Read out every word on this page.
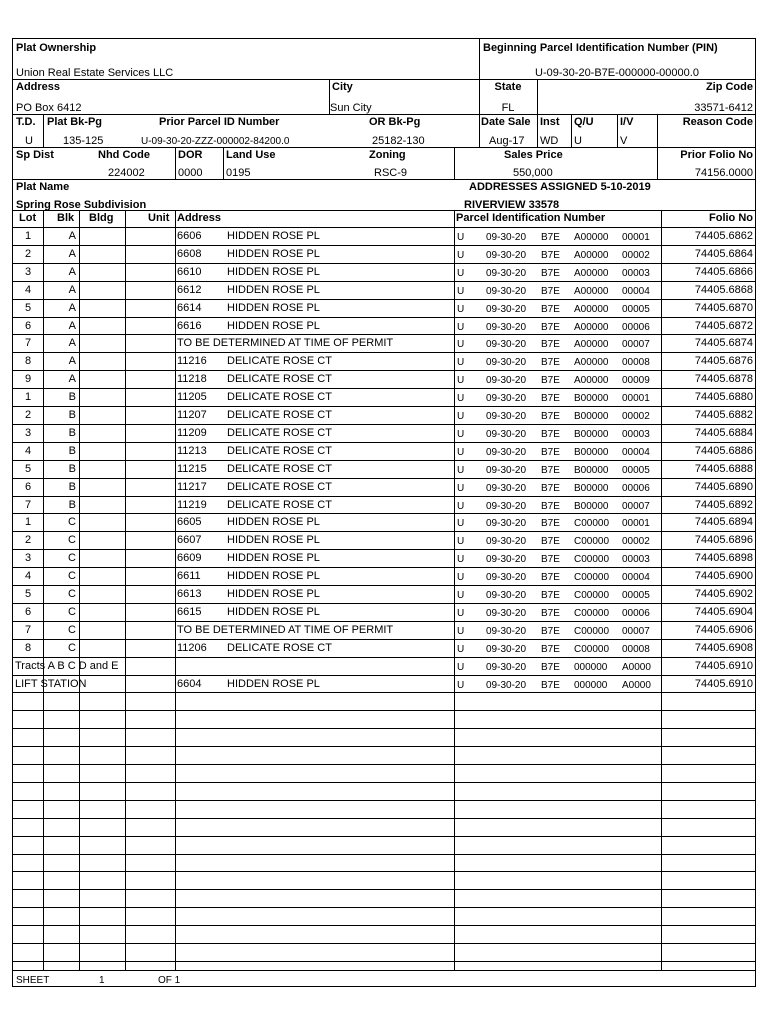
Plat Ownership
Union Real Estate Services LLC
Beginning Parcel Identification Number (PIN)
U-09-30-20-B7E-000000-00000.0
Address	City	State	Zip Code
PO Box 6412	Sun City	FL	33571-6412
T.D. Plat Bk-Pg	Prior Parcel ID Number	OR Bk-Pg	Date Sale Inst Q/U I/V	Reason Code
U	135-125	U-09-30-20-ZZZ-000002-84200.0	25182-130	Aug-17 WD U	V
Sp Dist	Nhd Code	DOR Land Use	Zoning	Sales Price	Prior Folio No
224002	0000 0195	RSC-9	550,000	74156.0000
Plat Name	ADDRESSES ASSIGNED 5-10-2019
Spring Rose Subdivision	RIVERVIEW 33578
Lot Blk Bldg	Unit Address	Parcel Identification Number	Folio No
1	A	6606 HIDDEN ROSE PL	U 09-30-20 B7E A00000 00001	74405.6862
2	A	6608 HIDDEN ROSE PL	U 09-30-20 B7E A00000 00002	74405.6864
3	A	6610 HIDDEN ROSE PL	U 09-30-20 B7E A00000 00003	74405.6866
4	A	6612 HIDDEN ROSE PL	U 09-30-20 B7E A00000 00004	74405.6868
5	A	6614 HIDDEN ROSE PL	U 09-30-20 B7E A00000 00005	74405.6870
6	A	6616 HIDDEN ROSE PL	U 09-30-20 B7E A00000 00006	74405.6872
7	A	TO BE DETERMINED AT TIME OF PERMIT	U 09-30-20 B7E A00000 00007	74405.6874
8	A	11216 DELICATE ROSE CT	U 09-30-20 B7E A00000 00008	74405.6876
9	A	11218 DELICATE ROSE CT	U 09-30-20 B7E A00000 00009	74405.6878
1	B	11205 DELICATE ROSE CT	U 09-30-20 B7E B00000 00001	74405.6880
2	B	11207 DELICATE ROSE CT	U 09-30-20 B7E B00000 00002	74405.6882
3	B	11209 DELICATE ROSE CT	U 09-30-20 B7E B00000 00003	74405.6884
4	B	11213 DELICATE ROSE CT	U 09-30-20 B7E B00000 00004	74405.6886
5	B	11215 DELICATE ROSE CT	U 09-30-20 B7E B00000 00005	74405.6888
6	B	11217 DELICATE ROSE CT	U 09-30-20 B7E B00000 00006	74405.6890
7	B	11219 DELICATE ROSE CT	U 09-30-20 B7E B00000 00007	74405.6892
1	C	6605 HIDDEN ROSE PL	U 09-30-20 B7E C00000 00001	74405.6894
2	C	6607 HIDDEN ROSE PL	U 09-30-20 B7E C00000 00002	74405.6896
3	C	6609 HIDDEN ROSE PL	U 09-30-20 B7E C00000 00003	74405.6898
4	C	6611 HIDDEN ROSE PL	U 09-30-20 B7E C00000 00004	74405.6900
5	C	6613 HIDDEN ROSE PL	U 09-30-20 B7E C00000 00005	74405.6902
6	C	6615 HIDDEN ROSE PL	U 09-30-20 B7E C00000 00006	74405.6904
7	C	TO BE DETERMINED AT TIME OF PERMIT	U 09-30-20 B7E C00000 00007	74405.6906
8	C	11206 DELICATE ROSE CT	U 09-30-20 B7E C00000 00008	74405.6908
Tracts A B C D and E	U 09-30-20 B7E 000000 A0000	74405.6910
LIFT STATION	6604 HIDDEN ROSE PL	U 09-30-20 B7E 000000 A0000	74405.6910
SHEET	1	OF 1
